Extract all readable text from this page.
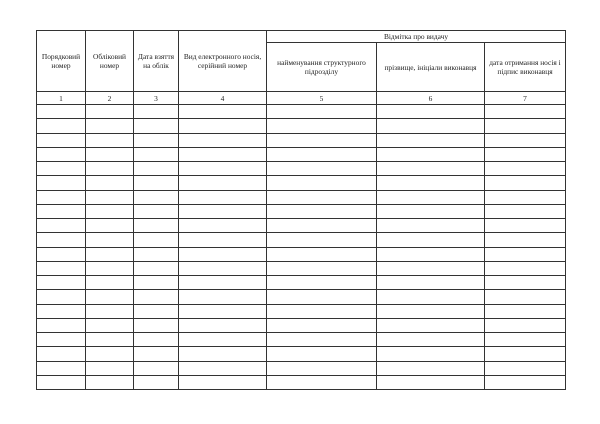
Порядковий номер	Обліковий номер	Дата взяття на облік	Вид електронного носія, серійний номер	Відмітка про видачу		
				найменування структурного підрозділу	прізвище, ініціали виконавця	дата отримання носія і підпис виконавця
1	2	3	4	5	6	7
